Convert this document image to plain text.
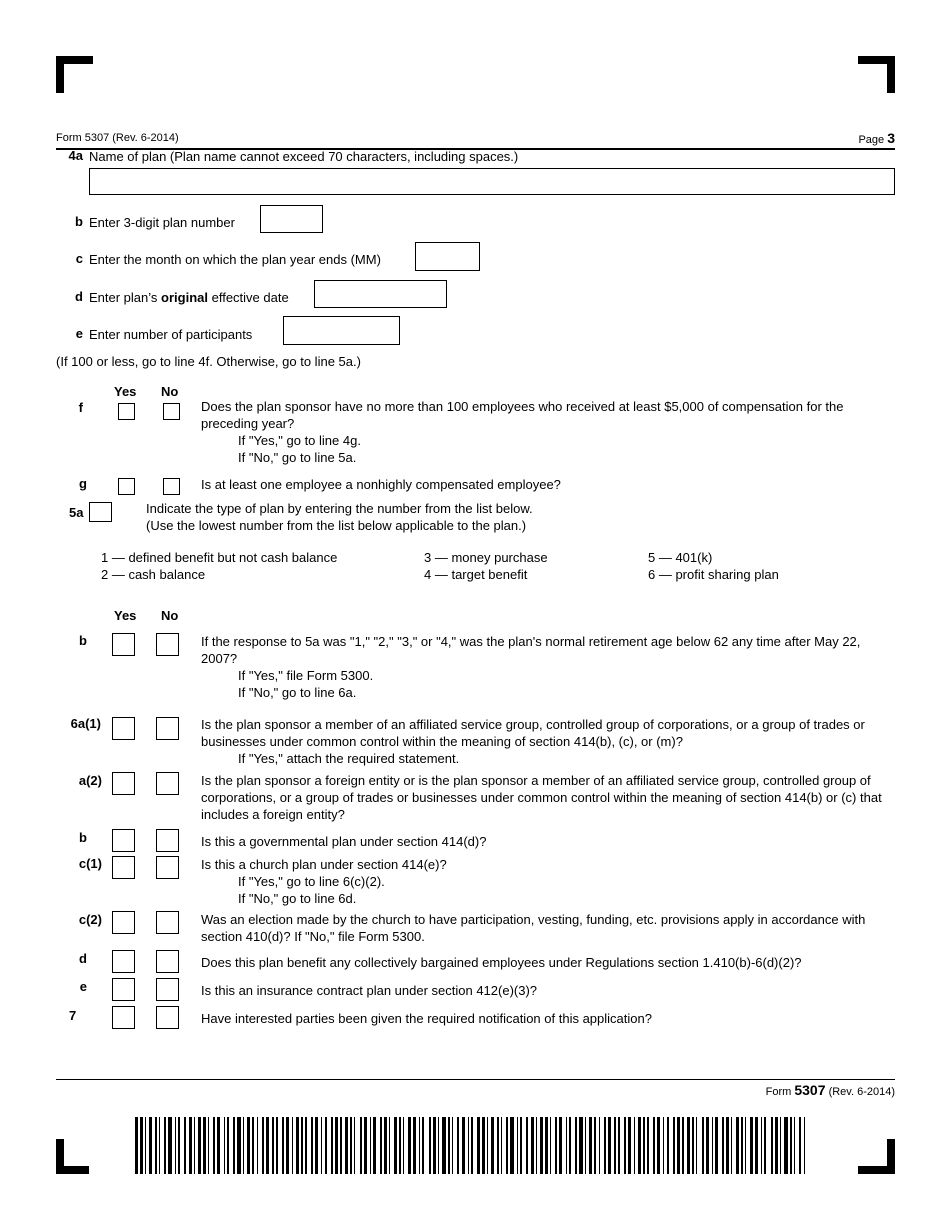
Form 5307 (Rev. 6-2014)	Page 3
4a Name of plan (Plan name cannot exceed 70 characters, including spaces.)
b Enter 3-digit plan number
c Enter the month on which the plan year ends (MM)
d Enter plan’s original effective date
e Enter number of participants
(If 100 or less, go to line 4f. Otherwise, go to line 5a.)
Yes No
f	Does the plan sponsor have no more than 100 employees who received at least $5,000 of compensation for the preceding year?
If "Yes," go to line 4g.
If "No," go to line 5a.
g	Is at least one employee a nonhighly compensated employee?
5a	Indicate the type of plan by entering the number from the list below.
(Use the lowest number from the list below applicable to the plan.)
1 — defined benefit but not cash balance
2 — cash balance
3 — money purchase
4 — target benefit
5 — 401(k)
6 — profit sharing plan
Yes No
b	If the response to 5a was "1," "2," "3," or "4," was the plan's normal retirement age below 62 any time after May 22, 2007?
If "Yes," file Form 5300.
If "No," go to line 6a.
6a(1)	Is the plan sponsor a member of an affiliated service group, controlled group of corporations, or a group of trades or businesses under common control within the meaning of section 414(b), (c), or (m)?
If "Yes," attach the required statement.
a(2)	Is the plan sponsor a foreign entity or is the plan sponsor a member of an affiliated service group, controlled group of corporations, or a group of trades or businesses under common control within the meaning of section 414(b) or (c) that includes a foreign entity?
b	Is this a governmental plan under section 414(d)?
c(1)	Is this a church plan under section 414(e)?
If "Yes," go to line 6(c)(2).
If "No," go to line 6d.
c(2)	Was an election made by the church to have participation, vesting, funding, etc. provisions apply in accordance with section 410(d)? If "No," file Form 5300.
d	Does this plan benefit any collectively bargained employees under Regulations section 1.410(b)-6(d)(2)?
e	Is this an insurance contract plan under section 412(e)(3)?
7	Have interested parties been given the required notification of this application?
Form 5307 (Rev. 6-2014)
